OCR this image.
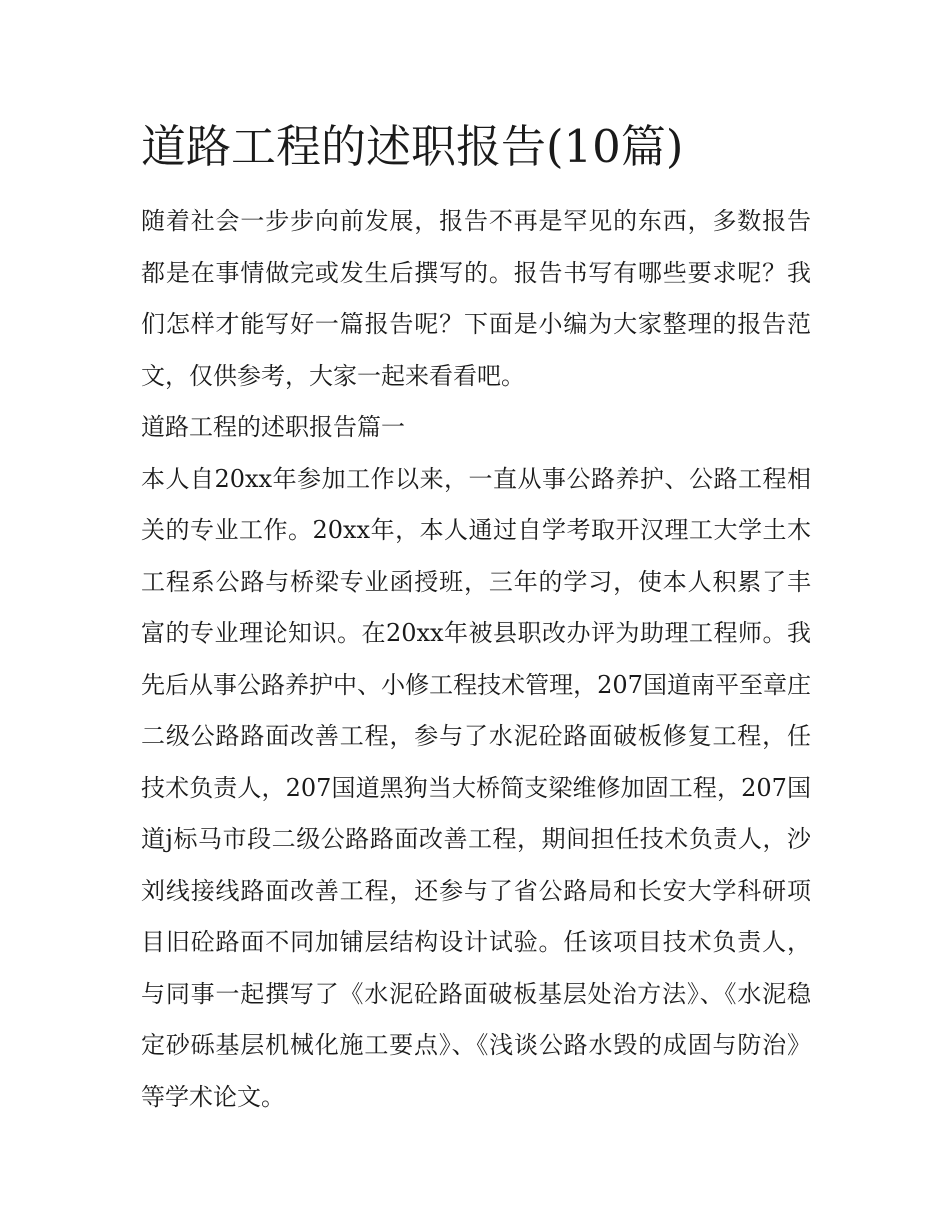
道路工程的述职报告(10篇)

随着社会一步步向前发展，报告不再是罕见的东西，多数报告都是在事情做完或发生后撰写的。报告书写有哪些要求呢？我们怎样才能写好一篇报告呢？下面是小编为大家整理的报告范文，仅供参考，大家一起来看看吧。

道路工程的述职报告篇一

本人自20xx年参加工作以来，一直从事公路养护、公路工程相关的专业工作。20xx年，本人通过自学考取开汉理工大学土木工程系公路与桥梁专业函授班，三年的学习，使本人积累了丰富的专业理论知识。在20xx年被县职改办评为助理工程师。我先后从事公路养护中、小修工程技术管理，207国道南平至章庄二级公路路面改善工程，参与了水泥砼路面破板修复工程，任技术负责人，207国道黑狗当大桥简支梁维修加固工程，207国道j标马市段二级公路路面改善工程，期间担任技术负责人，沙刘线接线路面改善工程，还参与了省公路局和长安大学科研项目旧砼路面不同加铺层结构设计试验。任该项目技术负责人，与同事一起撰写了《水泥砼路面破板基层处治方法》、《水泥稳定砂砾基层机械化施工要点》、《浅谈公路水毁的成固与防治》等学术论文。
